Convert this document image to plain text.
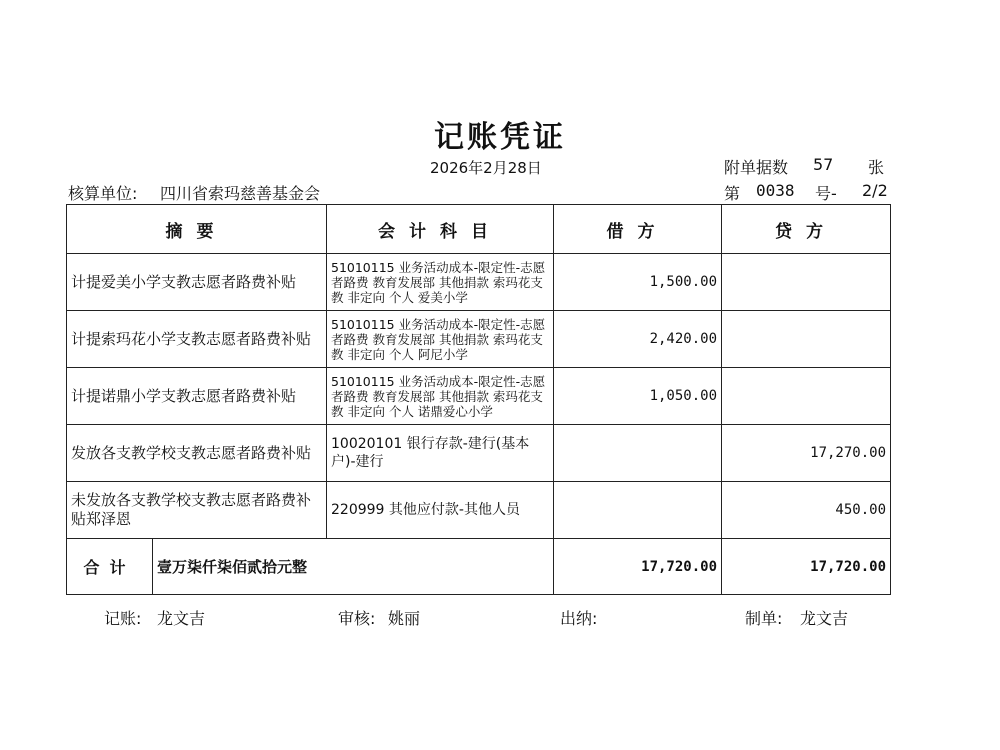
记账凭证
2026年2月28日	附单据数 57 张
核算单位: 四川省索玛慈善基金会	第 0038 号- 2/2
摘要		会计科目	借方	贷方
计提爱美小学支教志愿者路费补贴		51010115 业务活动成本-限定性-志愿者路费 教育发展部 其他捐款 索玛花支教 非定向 个人 爱美小学	1,500.00	
计提索玛花小学支教志愿者路费补贴		51010115 业务活动成本-限定性-志愿者路费 教育发展部 其他捐款 索玛花支教 非定向 个人 阿尼小学	2,420.00	
计提诺鼎小学支教志愿者路费补贴		51010115 业务活动成本-限定性-志愿者路费 教育发展部 其他捐款 索玛花支教 非定向 个人 诺鼎爱心小学	1,050.00	
发放各支教学校支教志愿者路费补贴		10020101 银行存款-建行(基本户)-建行		17,270.00
未发放各支教学校支教志愿者路费补贴郑泽恩		220999 其他应付款-其他人员		450.00
合计	壹万柒仟柒佰贰拾元整		17,720.00	17,720.00
记账: 龙文吉	审核: 姚丽	出纳:	制单: 龙文吉
